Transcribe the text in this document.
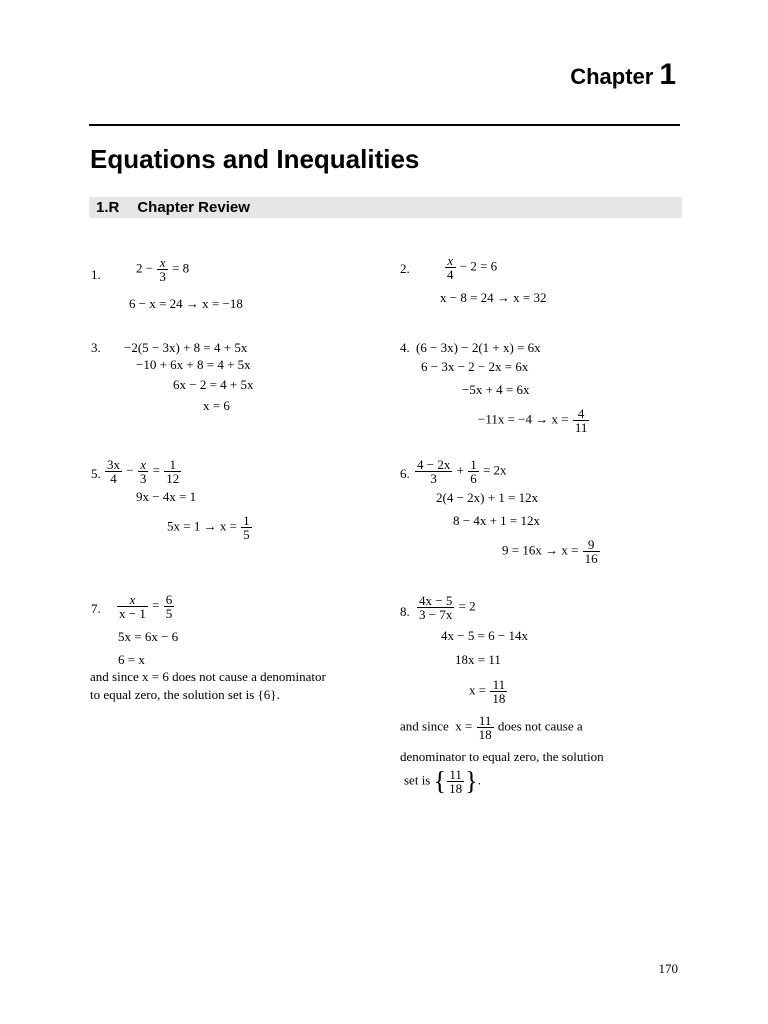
Chapter 1
Equations and Inequalities
1.R Chapter Review
1.	$2 - \frac{x}{3} = 8$
6 − x = 24 → x = −18
2.	$\frac{x}{4} - 2 = 6$
x − 8 = 24 → x = 32
3. −2(5 − 3x) + 8 = 4 + 5x
−10 + 6x + 8 = 4 + 5x
6x − 2 = 4 + 5x
x = 6
4. (6 − 3x) − 2(1 + x) = 6x
6 − 3x − 2 − 2x = 6x
−5x + 4 = 6x
$-11x = -4 \to x = \frac{4}{11}$
5. $\frac{3x}{4} - \frac{x}{3} = \frac{1}{12}$
9x − 4x = 1
$5x = 1 \to x = \frac{1}{5}$
6. $\frac{4 - 2x}{3} + \frac{1}{6} = 2x$
2(4 − 2x) + 1 = 12x
8 − 4x + 1 = 12x
$9 = 16x \to x = \frac{9}{16}$
7. $\frac{x}{x - 1} = \frac{6}{5}$
5x = 6x − 6
6 = x
and since x = 6 does not cause a denominator
to equal zero, the solution set is {6}.
8. $\frac{4x - 5}{3 - 7x} = 2$
4x − 5 = 6 − 14x
18x = 11
$x = \frac{11}{18}$
and since $x = \frac{11}{18}$ does not cause a
denominator to equal zero, the solution
set is { $\frac{11}{18}$ }.
170
